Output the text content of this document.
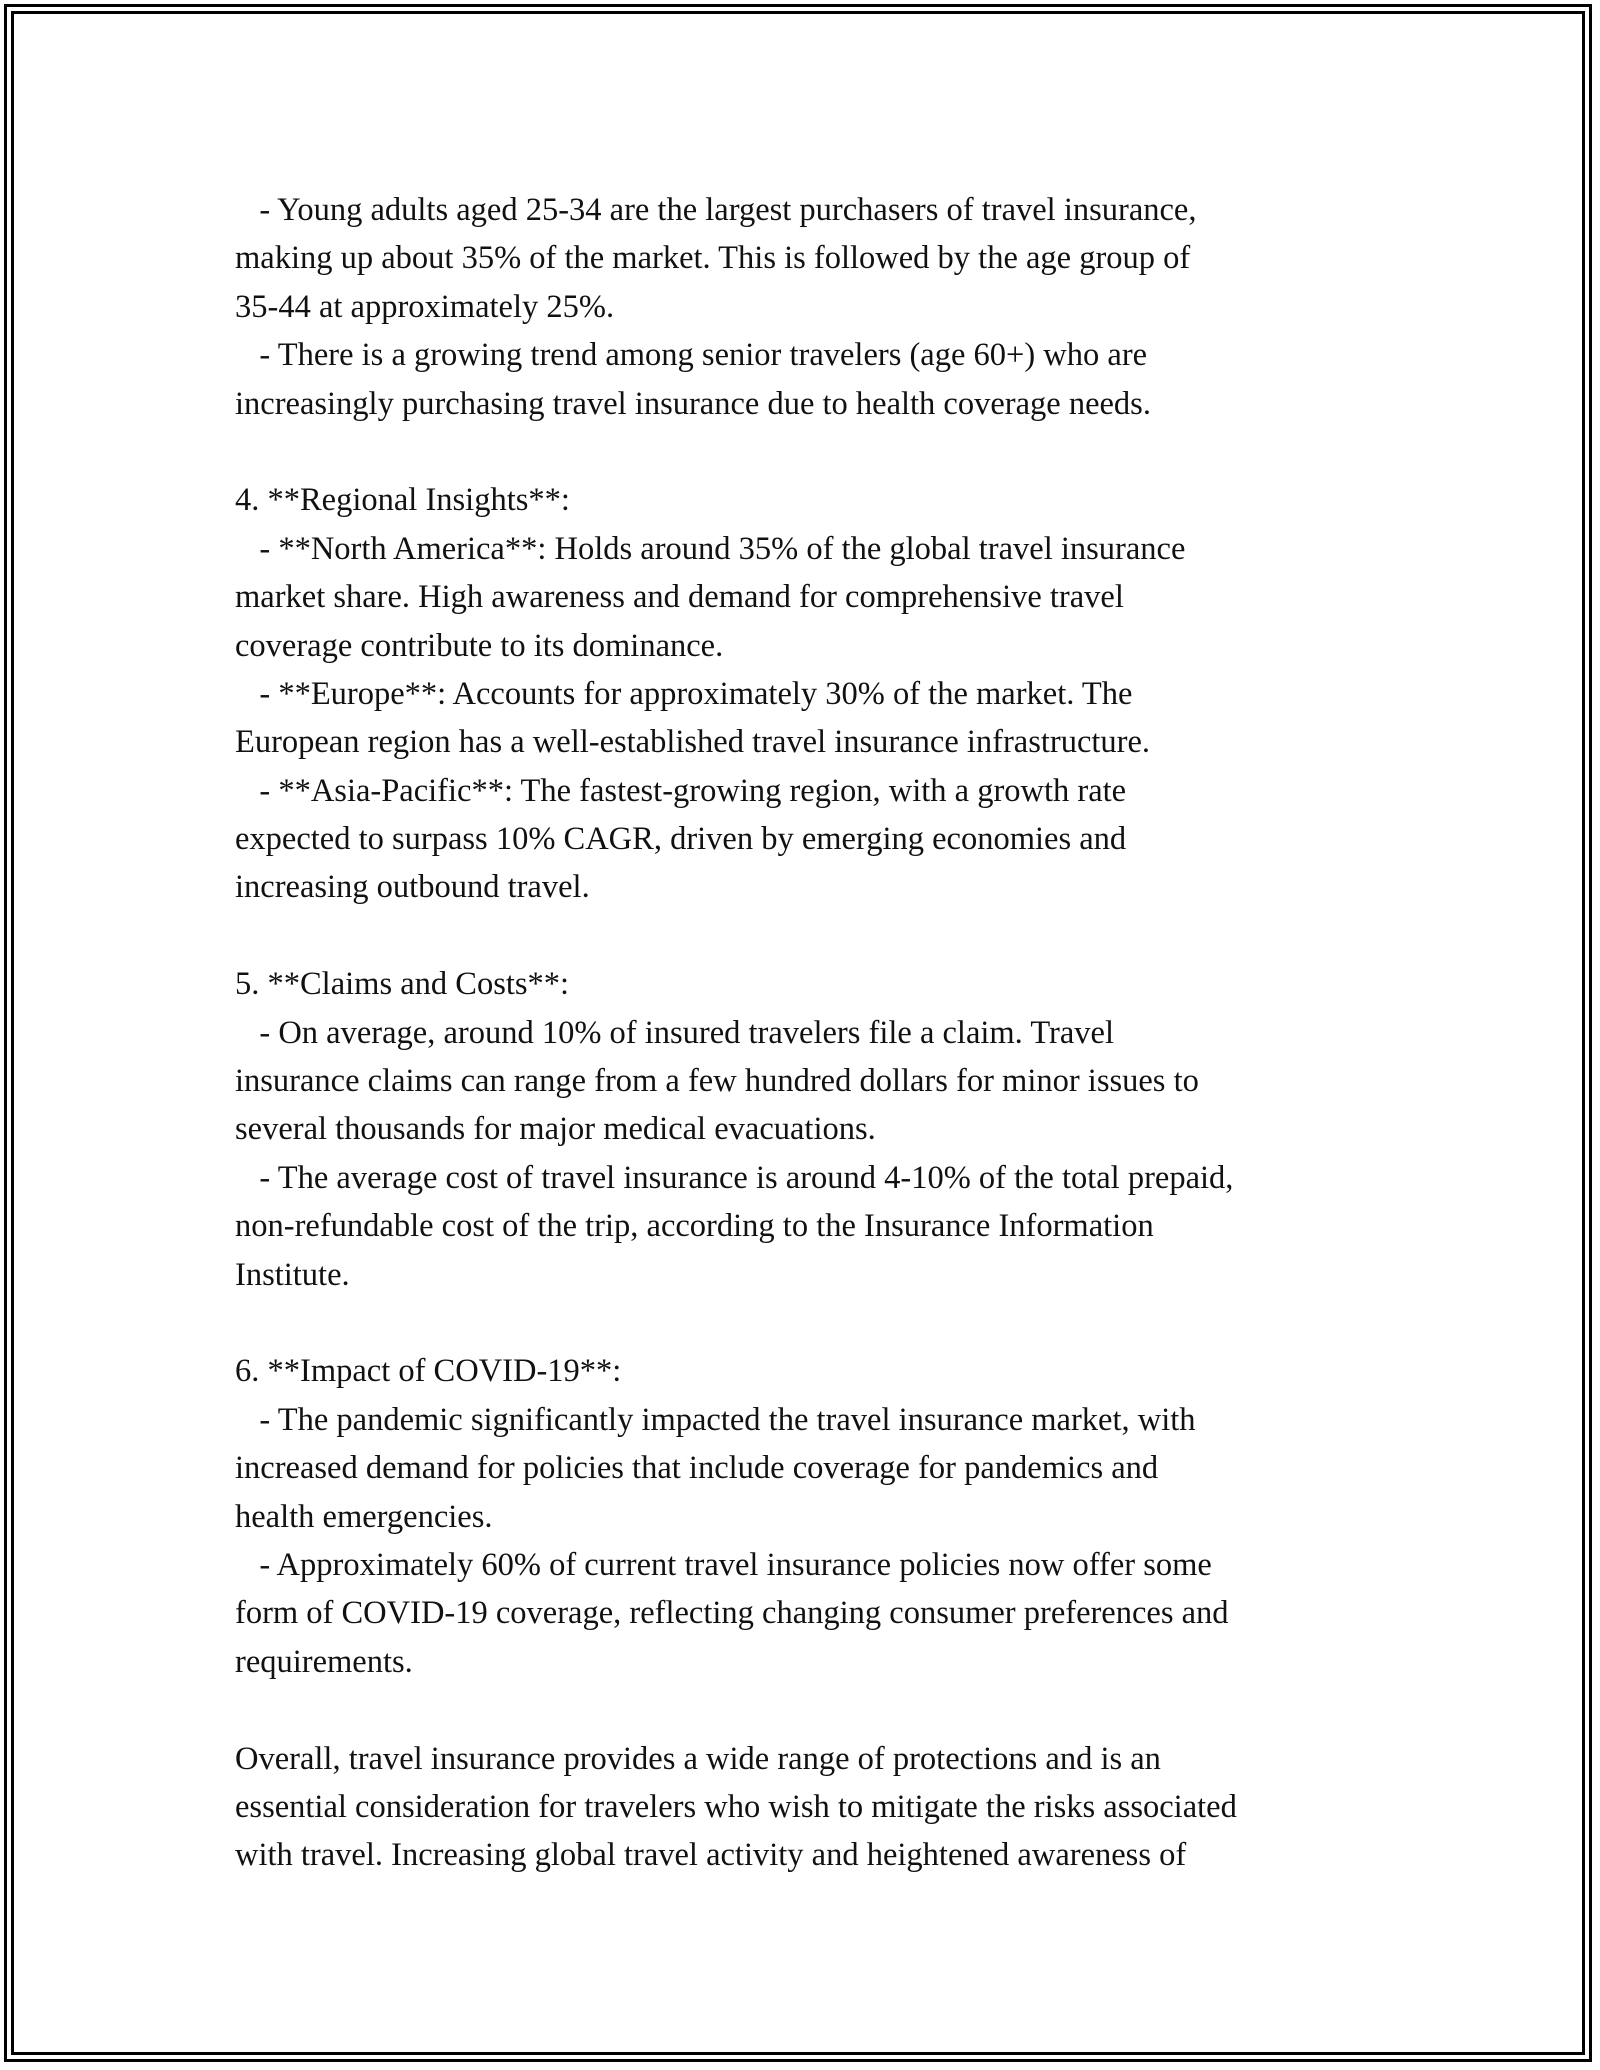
- Young adults aged 25-34 are the largest purchasers of travel insurance,
making up about 35% of the market. This is followed by the age group of
35-44 at approximately 25%.
- There is a growing trend among senior travelers (age 60+) who are
increasingly purchasing travel insurance due to health coverage needs.
4. **Regional Insights**:
- **North America**: Holds around 35% of the global travel insurance
market share. High awareness and demand for comprehensive travel
coverage contribute to its dominance.
- **Europe**: Accounts for approximately 30% of the market. The
European region has a well-established travel insurance infrastructure.
- **Asia-Pacific**: The fastest-growing region, with a growth rate
expected to surpass 10% CAGR, driven by emerging economies and
increasing outbound travel.
5. **Claims and Costs**:
- On average, around 10% of insured travelers file a claim. Travel
insurance claims can range from a few hundred dollars for minor issues to
several thousands for major medical evacuations.
- The average cost of travel insurance is around 4-10% of the total prepaid,
non-refundable cost of the trip, according to the Insurance Information
Institute.
6. **Impact of COVID-19**:
- The pandemic significantly impacted the travel insurance market, with
increased demand for policies that include coverage for pandemics and
health emergencies.
- Approximately 60% of current travel insurance policies now offer some
form of COVID-19 coverage, reflecting changing consumer preferences and
requirements.
Overall, travel insurance provides a wide range of protections and is an
essential consideration for travelers who wish to mitigate the risks associated
with travel. Increasing global travel activity and heightened awareness of
